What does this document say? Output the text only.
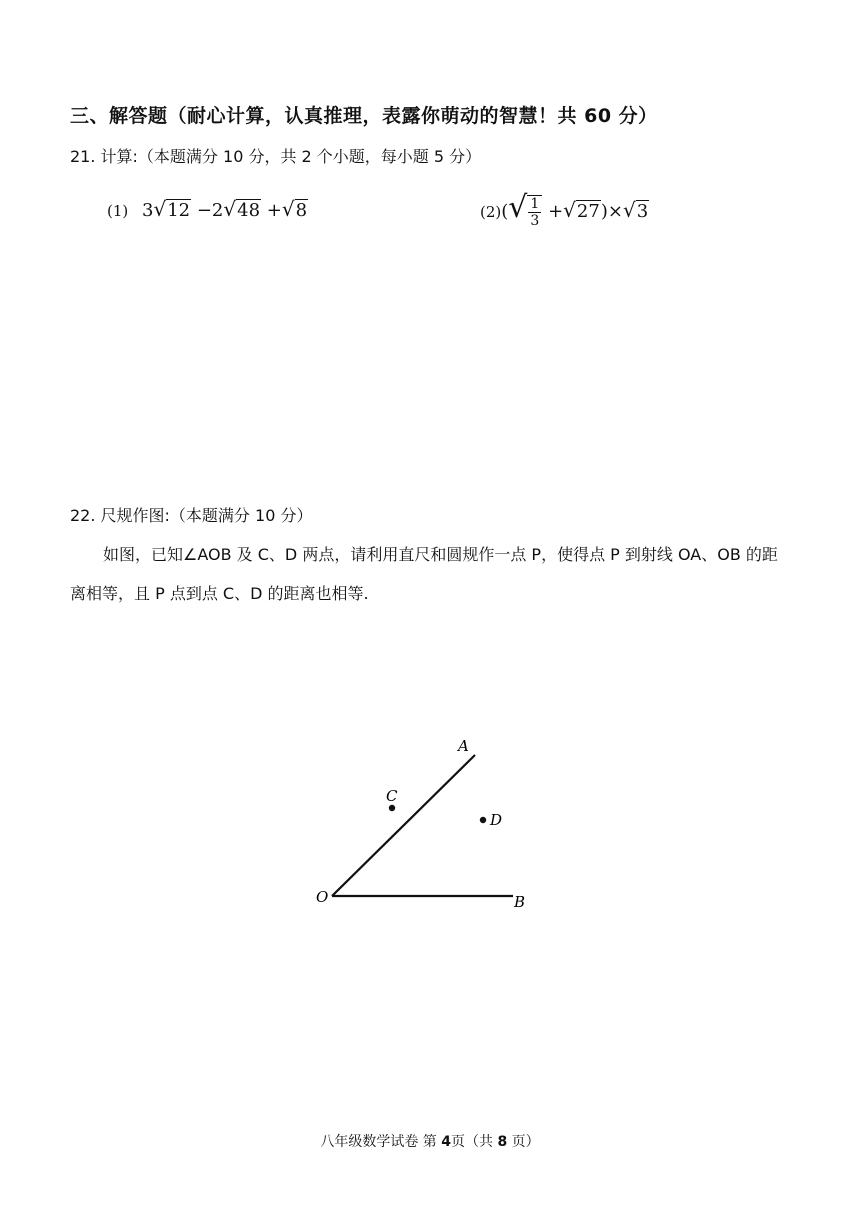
三、解答题（耐心计算，认真推理，表露你萌动的智慧！共 60 分）
21. 计算:（本题满分 10 分，共 2 个小题，每小题 5 分）
(1) 3√12 −2√48 +√8	$(2)(√ \frac{1}{3} +√27)\times√3$
22. 尺规作图:（本题满分 10 分）
如图，已知∠AOB 及 C、D 两点，请利用直尺和圆规作一点 P，使得点 P 到射线 OA、OB 的距
离相等，且 P 点到点 C、D 的距离也相等.
A
C
D
O	B
八年级数学试卷 第 4页（共 8 页）
